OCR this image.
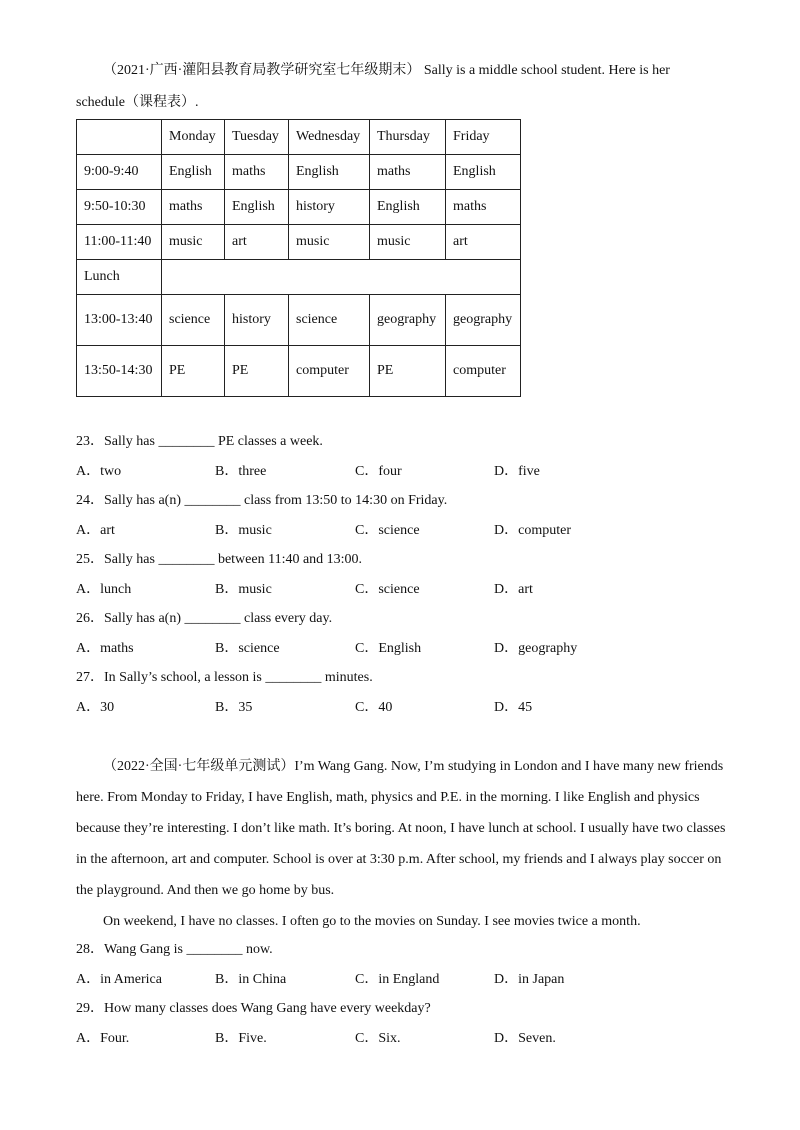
（2021·广西·灌阳县教育局教学研究室七年级期末） Sally is a middle school student. Here is her
schedule（课程表）.
	Monday	Tuesday	Wednesday	Thursday	Friday
9:00-9:40	English	maths	English	maths	English
9:50-10:30	maths	English	history	English	maths
11:00-11:40	music	art	music	music	art
Lunch					
13:00-13:40	science	history	science	geography	geography
13:50-14:30	PE	PE	computer	PE	computer
23．Sally has ________ PE classes a week.
A．two	B．three	C．four	D．five
24．Sally has a(n) ________ class from 13:50 to 14:30 on Friday.
A．art	B．music	C．science	D．computer
25．Sally has ________ between 11:40 and 13:00.
A．lunch	B．music	C．science	D．art
26．Sally has a(n) ________ class every day.
A．maths	B．science	C．English	D．geography
27．In Sally’s school, a lesson is ________ minutes.
A．30	B．35	C．40	D．45

（2022·全国·七年级单元测试）I’m Wang Gang. Now, I’m studying in London and I have many new friends here. From Monday to Friday, I have English, math, physics and P.E. in the morning. I like English and physics because they’re interesting. I don’t like math. It’s boring. At noon, I have lunch at school. I usually have two classes in the afternoon, art and computer. School is over at 3:30 p.m. After school, my friends and I always play soccer on the playground. And then we go home by bus.

On weekend, I have no classes. I often go to the movies on Sunday. I see movies twice a month.
28．Wang Gang is ________ now.
A．in America	B．in China	C．in England	D．in Japan
29．How many classes does Wang Gang have every weekday?
A．Four.	B．Five.	C．Six.	D．Seven.
